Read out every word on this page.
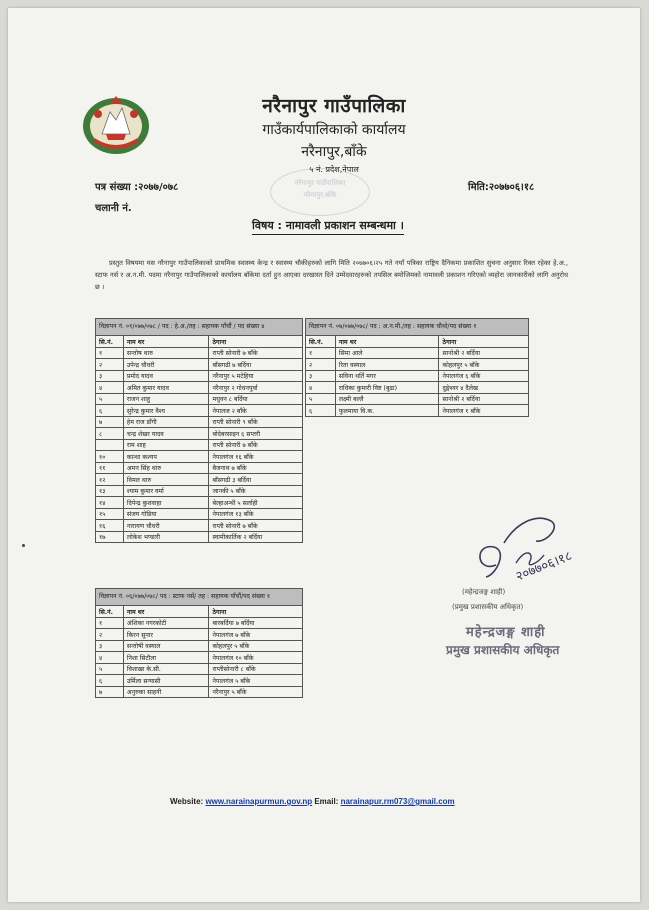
नरैनापुर गाउँपालिका
गाउँकार्यपालिकाको कार्यालय
नरैनापुर,बाँके
५ नं. प्रदेश,नेपाल
नरैनापुर गाउँपालिका
नरैनापुर,बाँके
पत्र संख्या :२०७७/०७८
चलानी नं.
मिति:२०७७०६।१८
विषय : नामावली प्रकाशन सम्बन्धमा ।
प्रस्तुत विषयमा यस नरैनापुर गाउँपालिकाको प्राथमिक स्वास्थ्य केन्द्र र स्वास्थ्य चौकीहरुको लागि मिति २०७७०६।२५ गते नयाँ पत्रिका राष्ट्रिय दैनिकमा प्रकाशित सुचना अनुसार रिक्त रहेका हे.अ., स्टाफ नर्स र अ.न.मी. पदमा नरैनापुर गाउँपालिकाको कार्यालय बाँकेमा दर्ता हुन आएका दरखास्त दिने उम्मेदवारहरुको तपसिल बमोजिमको नामावली प्रकाशन गरिएको व्यहोरा जानकारीको लागि अनुरोध छ ।
विज्ञापन नं. ०१/०७७/०७८ / पद : हे.अ./तह : सहायक पाँचौं / पद संख्या ४		
सि.नं.	नाम थर	ठेगाना
१	सन्तोष थारु	राप्ती सोनारी ७ बाँके
२	उपेन्द्र चौधरी	बाँसगढी ७ बर्दिया
३	प्रमोद यादव	नरैनापुर ५ मटेहिया
४	अमित कुमार यादव	नरैनापुर २ गोधनपुर्वा
५	राजन शाहु	मधुवन ८ बर्दिया
६	सुरेन्द्र कुमार वैश्य	नेपालज २ बाँके
७	हेम राज डाँगी	राप्ती सोनारी ९ बाँके
८	चन्द्र शेखर यादव	बोदेबरसाइन ६ सप्तरी
	राम शाह	राप्ती सोनारी ७ बाँके
१०	कान्धा कश्यप	नेपालगंज १६ बाँके
११	अमन सिंह थारु	बैजनाथ ७ बाँके
१२	विमल थारु	बाँसगढी ३ बर्दिया
१३	श्याम कुमार वर्मा	जानकी ५ बाँके
१४	दिपेन्द्र कुशवाहा	बेल्हाअन्थी ५ सर्लाही
१५	संजय गोडिया	नेपालगंज १३ बाँके
१६	नारायण चौधरी	राप्ती सोनारी ७ बाँके
१७	लोकेश भण्डारी	स्वामीकार्तिक २ बर्दिया
विज्ञापन नं. ०७/०७७/०७८/ पद : अ.न.मी./तह : सहायक चौथो/पद संख्या १		
सि.नं.	नाम थर	ठेगाना
१	सिमा आले	सानोश्री २ बर्दिया
२	रिता वस्याल	कोहलपुर ५ बाँके
३	सविना थर्ति मगर	नेपालगंज ६ बाँके
४	राधिका कुमारी विष्ट (बुढा)	दुङ्गेश्वर ४ दैलेख
५	लक्ष्मी बल्लै	सानोश्री २ बर्दिया
६	फुलमाया वि.क.	नेपालगंज १ बाँके
विज्ञापन नं. ०६/०७७/०७८/ पद : स्टाफ नर्स/ तह : सहायक पाँचौं/पद संख्या १		
सि.नं.	नाम थर	ठेगाना
१	अंशिका नगरकोटी	बारबर्दिया ७ बर्दिया
२	किरन सुनार	नेपालगंज ७ बाँके
३	सन्तोषी वस्याल	कोहलपुर ५ बाँके
४	निशा सिटौला	नेपालगंज १० बाँके
५	विशाखा के.सी.	राप्तीसोनारी ८ बाँके
६	उर्मिला सन्यासी	नेपालगंज ५ बाँके
७	अनुरुका साहनी	नरैनापुर ५ बाँके
२०७७०६।१८
(महेन्द्रजङ्ग शाही)
(प्रमुख प्रशासकीय अधिकृत)
महेन्द्रजङ्ग शाही
प्रमुख प्रशासकीय अधिकृत
Website: www.narainapurmun.gov.np Email: narainapur.rm073@gmail.com
